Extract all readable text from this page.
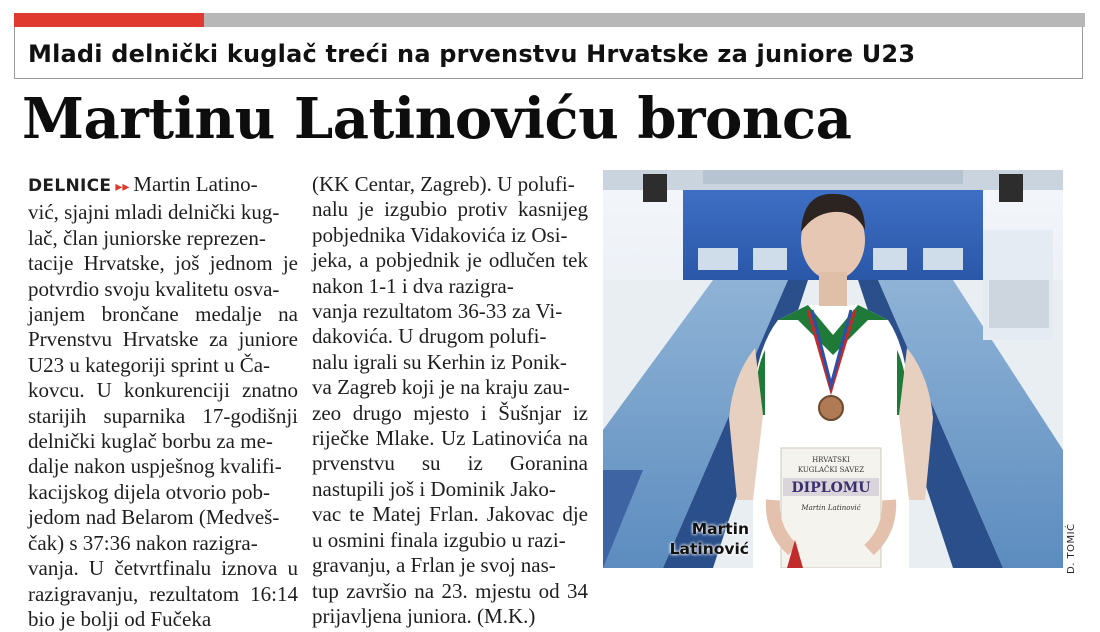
Mladi delnički kuglač treći na prvenstvu Hrvatske za juniore U23
Martinu Latinoviću bronca
DELNICE ▸▸ Martin Latino-
vić, sjajni mladi delnički kug-
lač, član juniorske reprezen-
tacije Hrvatske, još jednom je potvrdio svoju kvalitetu osva-
janjem brončane medalje na Prvenstvu Hrvatske za juniore U23 u kategoriji sprint u Ča-
kovcu. U konkurenciji znatno starijih suparnika 17-godišnji delnički kuglač borbu za me-
dalje nakon uspješnog kvalifi-
kacijskog dijela otvorio pob-
jedom nad Belarom (Medveš-
čak) s 37:36 nakon razigra-
vanja. U četvrtfinalu iznova u razigravanju, rezultatom 16:14 bio je bolji od Fučeka
(KK Centar, Zagreb). U polufi-
nalu je izgubio protiv kasnijeg pobjednika Vidakovića iz Osi-
jeka, a pobjednik je odlučen tek nakon 1-1 i dva razigra-
vanja rezultatom 36-33 za Vi-
dakovića. U drugom polufi-
nalu igrali su Kerhin iz Ponik-
va Zagreb koji je na kraju zau-
zeo drugo mjesto i Šušnjar iz riječke Mlake. Uz Latinovića na prvenstvu su iz Goranina nastupili još i Dominik Jako-
vac te Matej Frlan. Jakovac dje u osmini finala izgubio u razi-
gravanju, a Frlan je svoj nas-
tup završio na 23. mjestu od 34 prijavljena juniora. (M.K.)
HRVATSKI
KUGLAČKI SAVEZ
DIPLOMU
Martin Latinović
Martin
Latinović	D. TOMIĆ
